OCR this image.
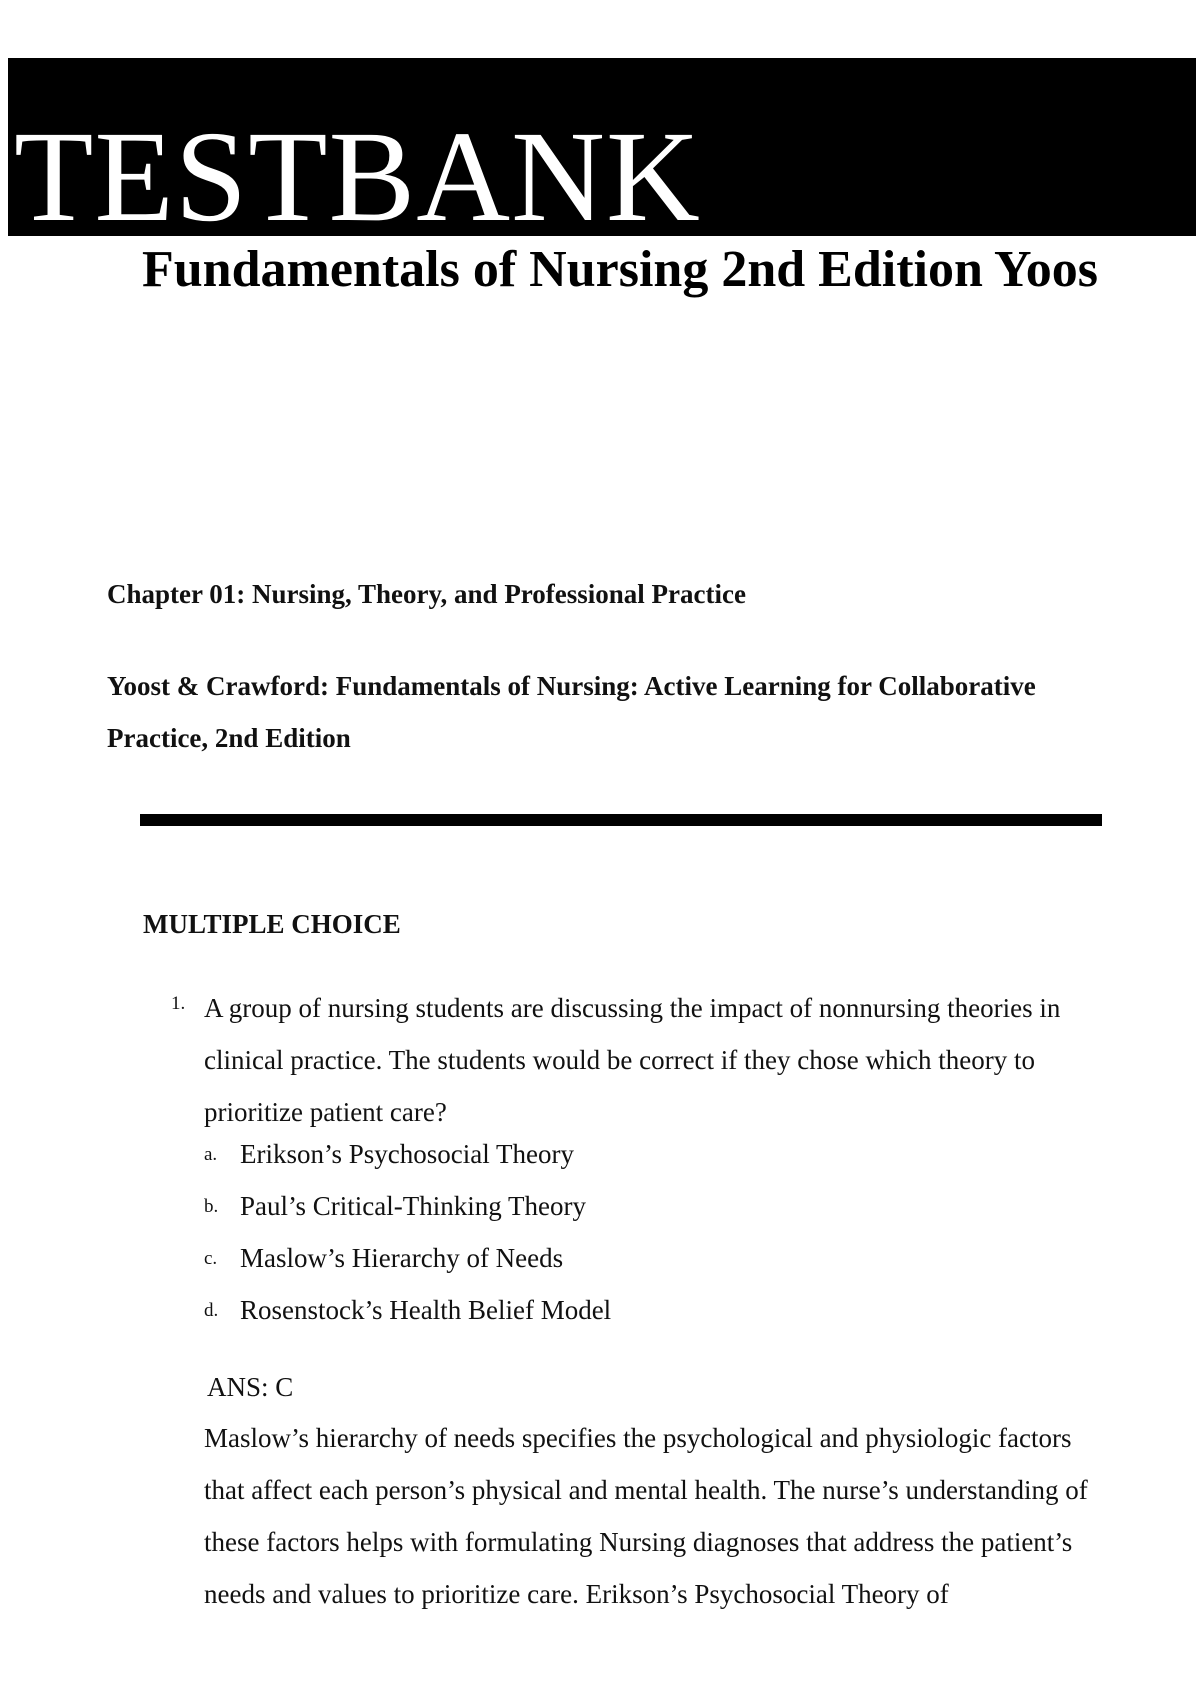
TESTBANK
Fundamentals of Nursing 2nd Edition Yoos
Chapter 01: Nursing, Theory, and Professional Practice
Yoost & Crawford: Fundamentals of Nursing: Active Learning for Collaborative Practice, 2nd Edition
MULTIPLE CHOICE
1. A group of nursing students are discussing the impact of nonnursing theories in clinical practice. The students would be correct if they chose which theory to prioritize patient care?
a. Erikson’s Psychosocial Theory
b. Paul’s Critical-Thinking Theory
c. Maslow’s Hierarchy of Needs
d. Rosenstock’s Health Belief Model
ANS: C
Maslow’s hierarchy of needs specifies the psychological and physiologic factors that affect each person’s physical and mental health. The nurse’s understanding of these factors helps with formulating Nursing diagnoses that address the patient’s needs and values to prioritize care. Erikson’s Psychosocial Theory of
